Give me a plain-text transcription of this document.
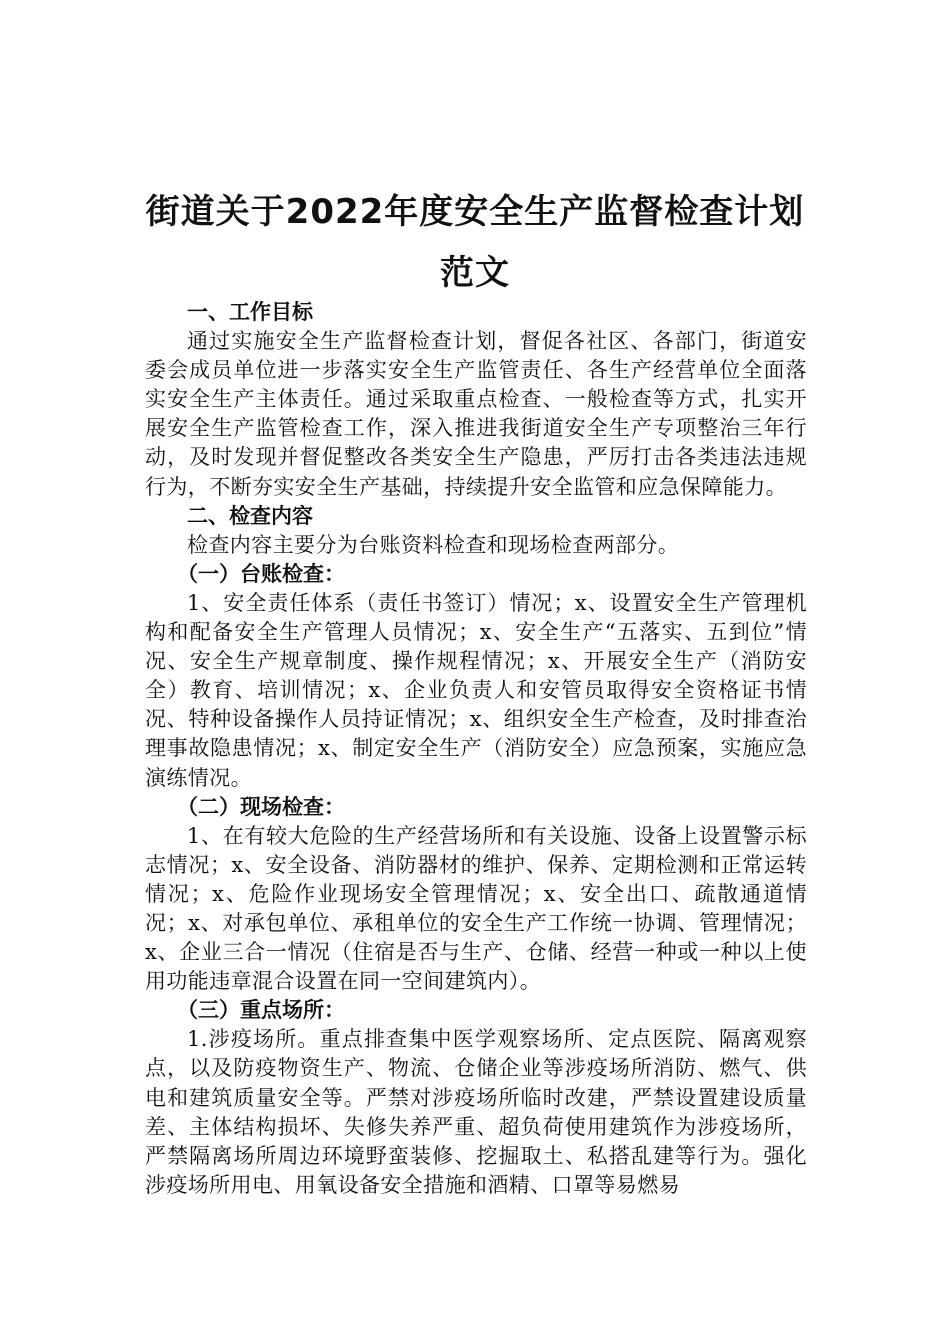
街道关于2022年度安全生产监督检查计划
范文

一、工作目标

通过实施安全生产监督检查计划，督促各社区、各部门，街道安委会成员单位进一步落实安全生产监管责任、各生产经营单位全面落实安全生产主体责任。通过采取重点检查、一般检查等方式，扎实开展安全生产监管检查工作，深入推进我街道安全生产专项整治三年行动，及时发现并督促整改各类安全生产隐患，严厉打击各类违法违规行为，不断夯实安全生产基础，持续提升安全监管和应急保障能力。

二、检查内容

检查内容主要分为台账资料检查和现场检查两部分。

（一）台账检查：

1、安全责任体系（责任书签订）情况；x、设置安全生产管理机构和配备安全生产管理人员情况；x、安全生产“五落实、五到位”情况、安全生产规章制度、操作规程情况；x、开展安全生产（消防安全）教育、培训情况；x、企业负责人和安管员取得安全资格证书情况、特种设备操作人员持证情况；x、组织安全生产检查，及时排查治理事故隐患情况；x、制定安全生产（消防安全）应急预案，实施应急演练情况。

（二）现场检查：

1、在有较大危险的生产经营场所和有关设施、设备上设置警示标志情况；x、安全设备、消防器材的维护、保养、定期检测和正常运转情况；x、危险作业现场安全管理情况；x、安全出口、疏散通道情况；x、对承包单位、承租单位的安全生产工作统一协调、管理情况；x、企业三合一情况（住宿是否与生产、仓储、经营一种或一种以上使用功能违章混合设置在同一空间建筑内）。

（三）重点场所：

1.涉疫场所。重点排查集中医学观察场所、定点医院、隔离观察点，以及防疫物资生产、物流、仓储企业等涉疫场所消防、燃气、供电和建筑质量安全等。严禁对涉疫场所临时改建，严禁设置建设质量差、主体结构损坏、失修失养严重、超负荷使用建筑作为涉疫场所，严禁隔离场所周边环境野蛮装修、挖掘取土、私搭乱建等行为。强化涉疫场所用电、用氧设备安全措施和酒精、口罩等易燃易
